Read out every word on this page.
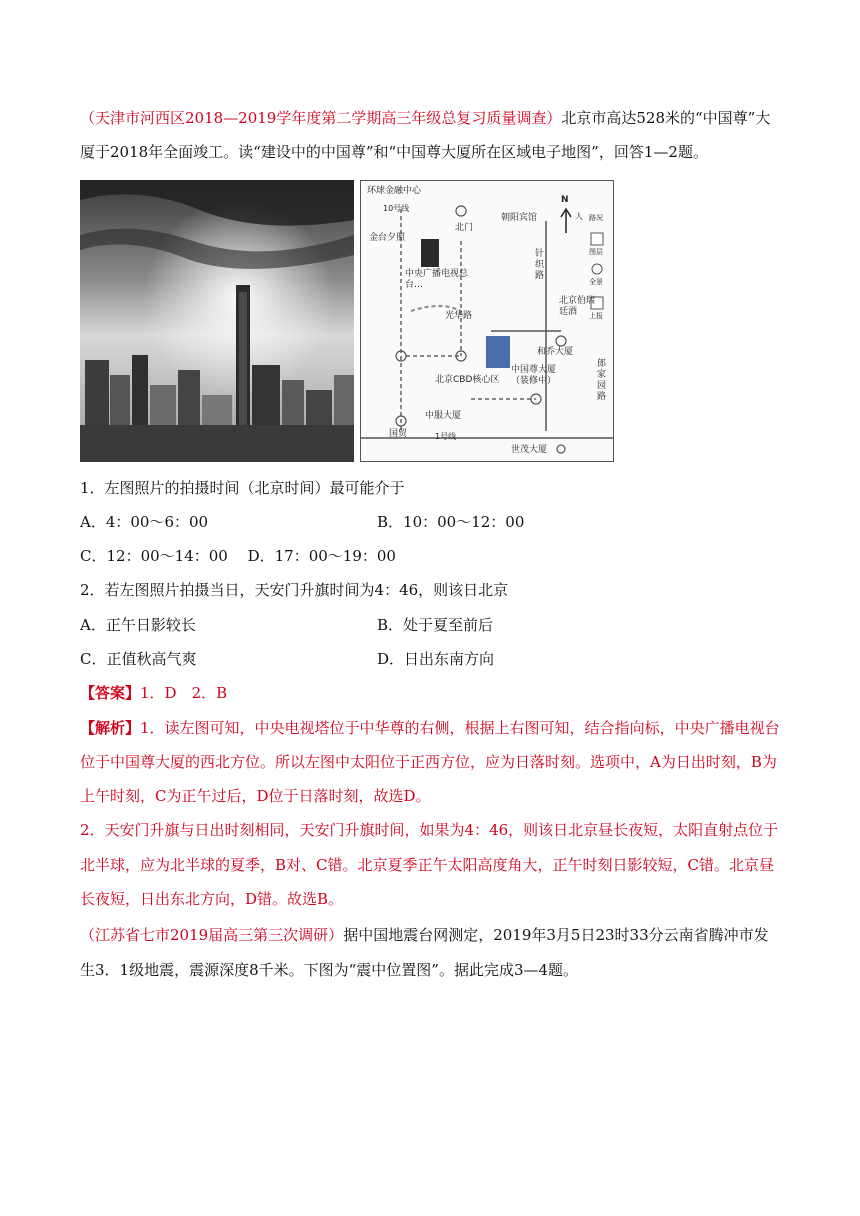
（天津市河西区2018—2019学年度第二学期高三年级总复习质量调查）北京市高达528米的“中国尊”大
厦于2018年全面竣工。读“建设中的中国尊”和“中国尊大厦所在区域电子地图”，回答1—2题。
环球金融中心
10号线
北门
朝阳宾馆
金台夕照
中央广播电视总台…
针织路
光华路
北京伯瑞廷酒
和乔大厦
中国尊大厦（装修中）
北京CBD核心区
郎家园路
中服大厦
国贸	1号线
世茂大厦
N
人 路况
图层
全景
上报
1．左图照片的拍摄时间（北京时间）最可能介于
A．4：00～6：00	B．10：00～12：00
C．12：00～14：00　 D．17：00～19：00
2．若左图照片拍摄当日，天安门升旗时间为4：46，则该日北京
A．正午日影较长	B．处于夏至前后
C．正值秋高气爽	D．日出东南方向
【答案】1．D　2．B
【解析】1．读左图可知，中央电视塔位于中华尊的右侧，根据上右图可知，结合指向标，中央广播电视台
位于中国尊大厦的西北方位。所以左图中太阳位于正西方位，应为日落时刻。选项中，A为日出时刻，B为
上午时刻，C为正午过后，D位于日落时刻，故选D。
2．天安门升旗与日出时刻相同，天安门升旗时间，如果为4：46，则该日北京昼长夜短，太阳直射点位于
北半球，应为北半球的夏季，B对、C错。北京夏季正午太阳高度角大，正午时刻日影较短，C错。北京昼
长夜短，日出东北方向，D错。故选B。
（江苏省七市2019届高三第三次调研）据中国地震台网测定，2019年3月5日23时33分云南省腾冲市发
生3．1级地震，震源深度8千米。下图为“震中位置图”。据此完成3—4题。
